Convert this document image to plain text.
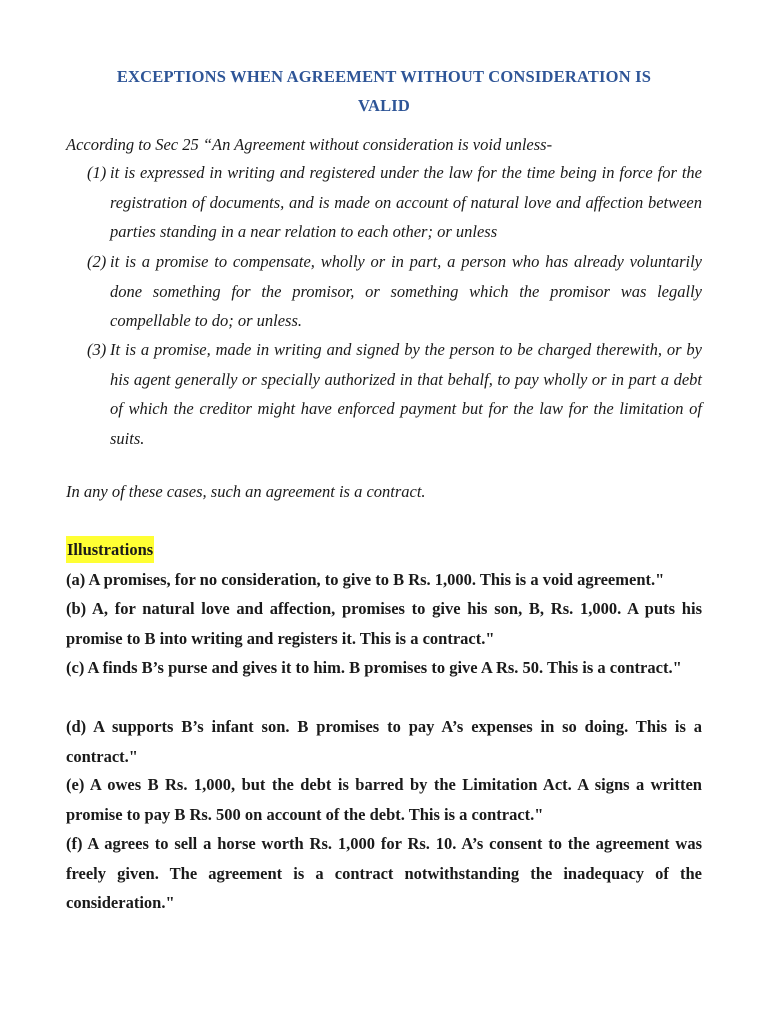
EXCEPTIONS WHEN AGREEMENT WITHOUT CONSIDERATION IS
VALID
According to Sec 25 “An Agreement without consideration is void unless-
(1) it is expressed in writing and registered under the law for the time being in force for the registration of documents, and is made on account of natural love and affection between parties standing in a near relation to each other; or unless
(2) it is a promise to compensate, wholly or in part, a person who has already voluntarily done something for the promisor, or something which the promisor was legally compellable to do; or unless.
(3) It is a promise, made in writing and signed by the person to be charged therewith, or by his agent generally or specially authorized in that behalf, to pay wholly or in part a debt of which the creditor might have enforced payment but for the law for the limitation of suits.
In any of these cases, such an agreement is a contract.
Illustrations
(a) A promises, for no consideration, to give to B Rs. 1,000. This is a void agreement."
(b) A, for natural love and affection, promises to give his son, B, Rs. 1,000. A puts his promise to B into writing and registers it. This is a contract."
(c) A finds B’s purse and gives it to him. B promises to give A Rs. 50. This is a contract."
(d) A supports B’s infant son. B promises to pay A’s expenses in so doing. This is a contract."
(e) A owes B Rs. 1,000, but the debt is barred by the Limitation Act. A signs a written promise to pay B Rs. 500 on account of the debt. This is a contract."
(f) A agrees to sell a horse worth Rs. 1,000 for Rs. 10. A’s consent to the agreement was freely given. The agreement is a contract notwithstanding the inadequacy of the consideration."
